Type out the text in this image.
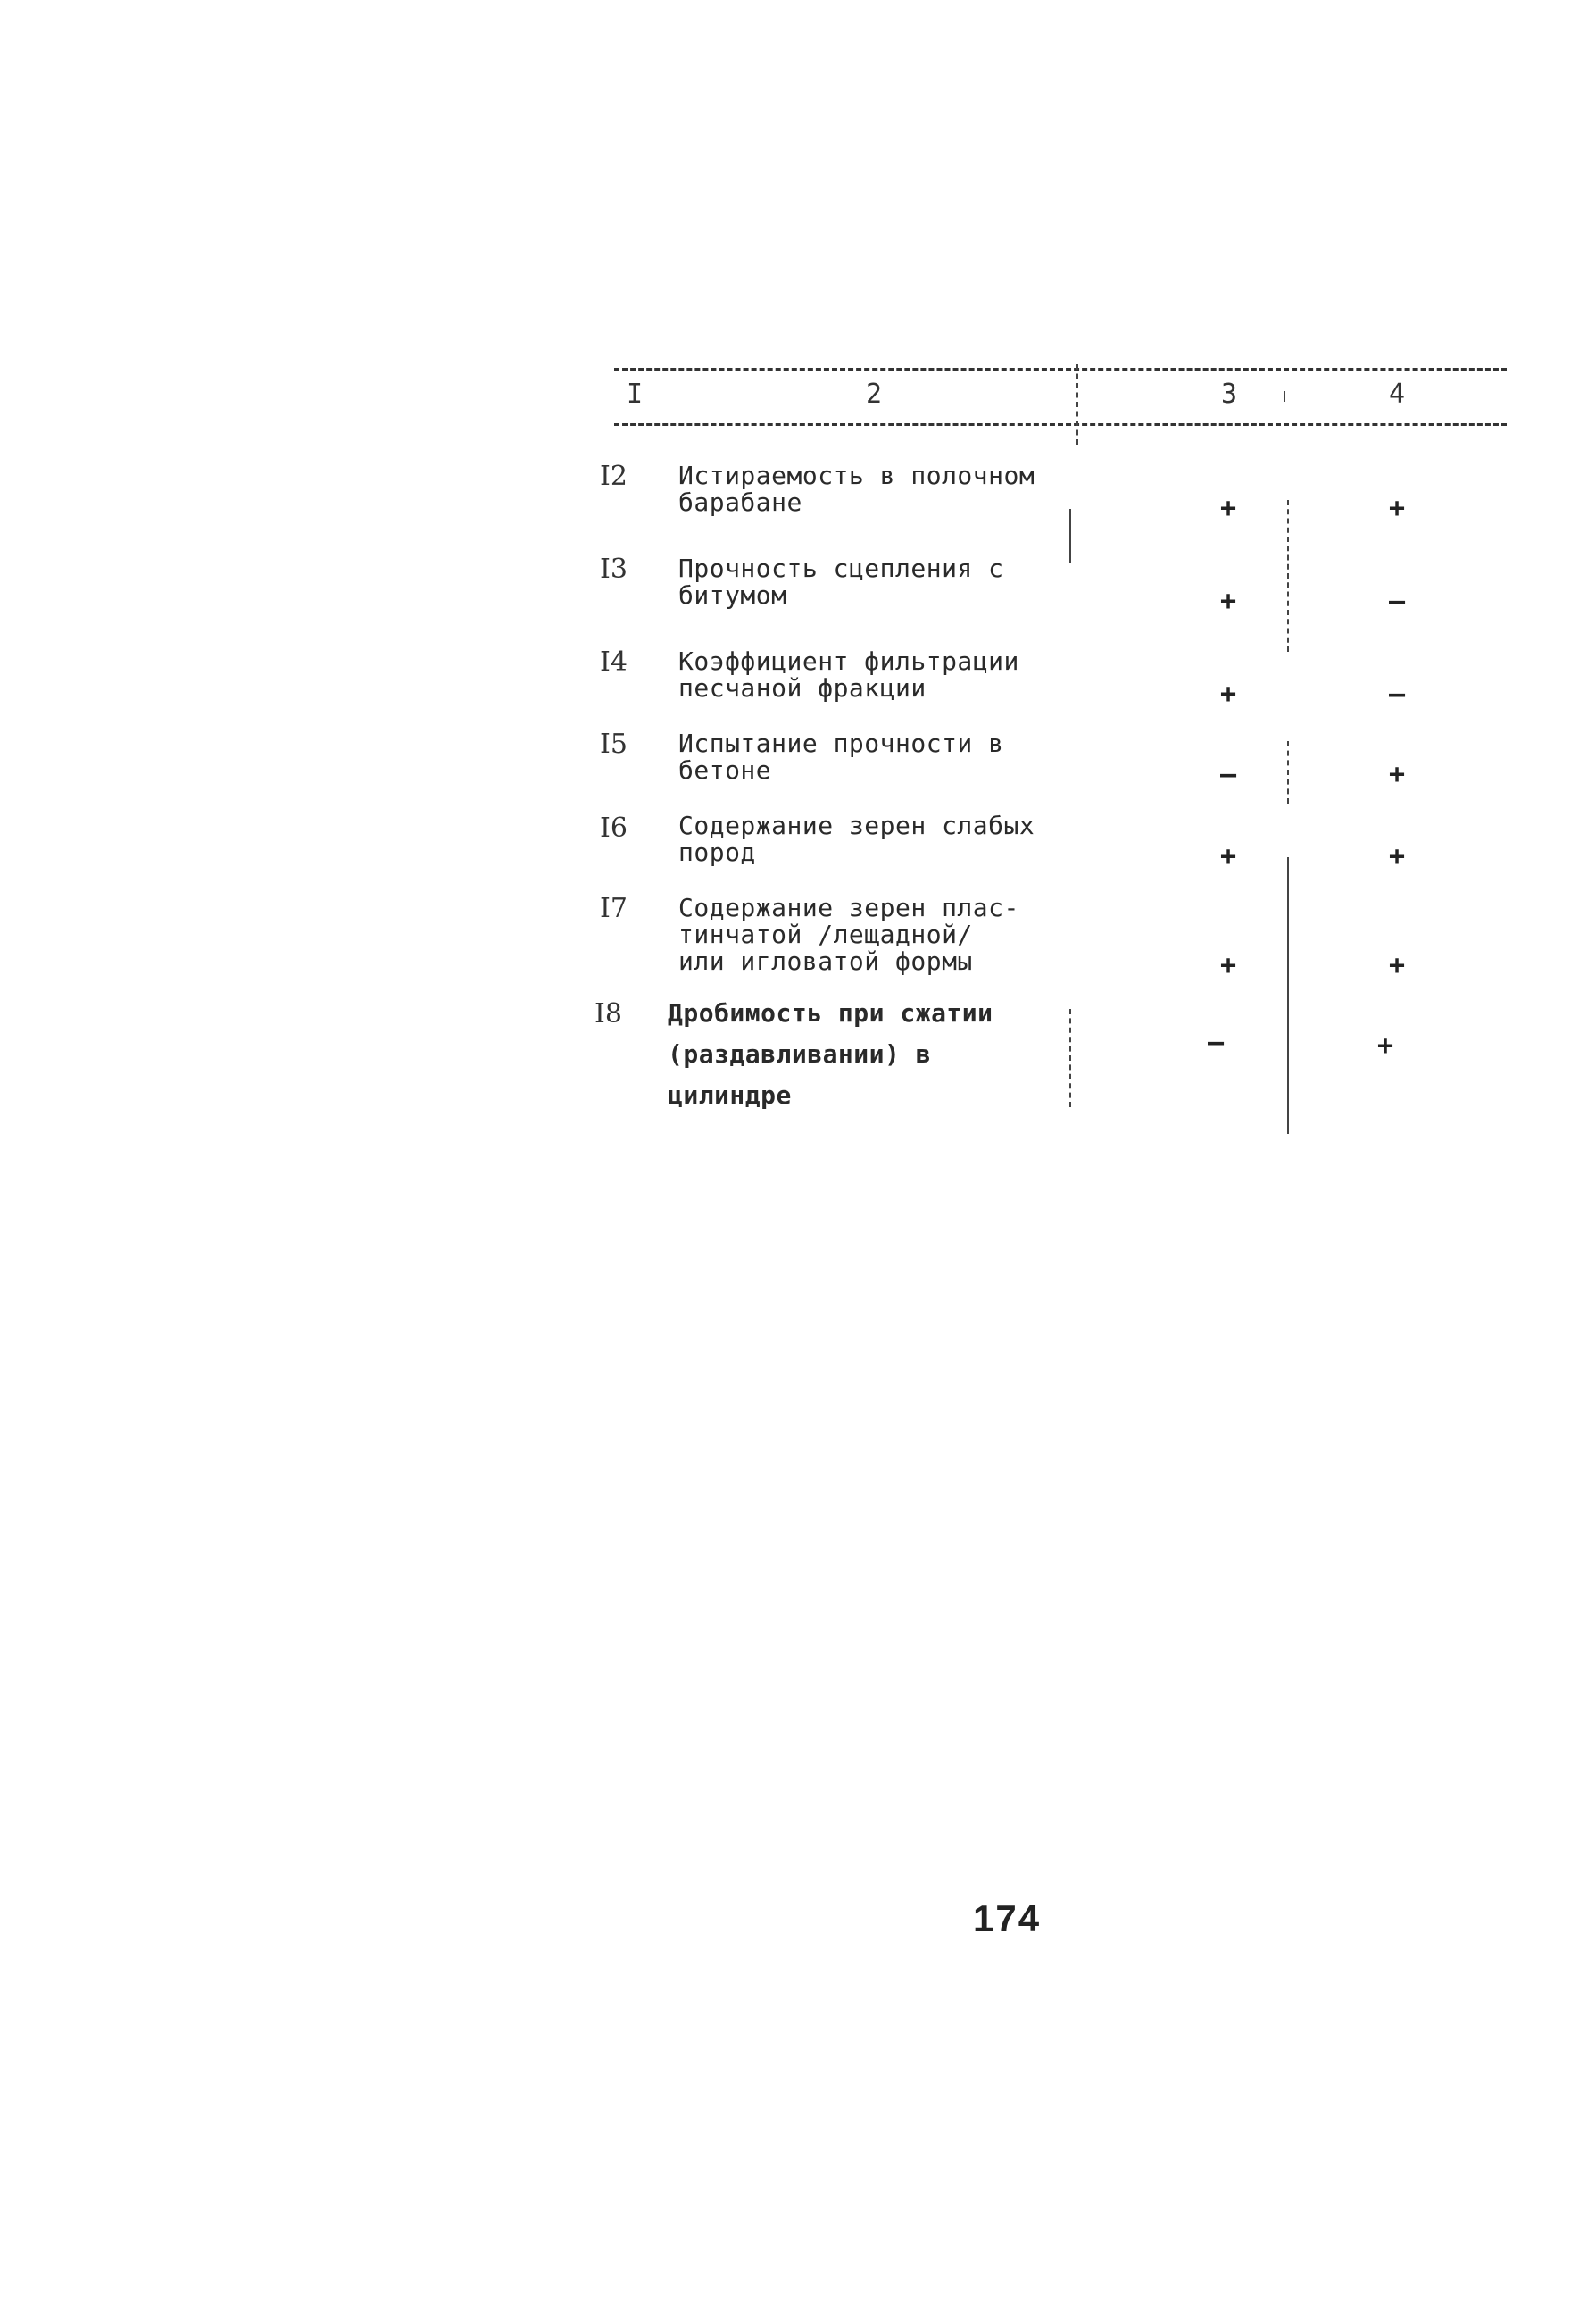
I	2	3	4
I2	Истираемость в полочном
барабане	+	+
I3	Прочность сцепления с
битумом	+	–
I4	Коэффициент фильтрации
песчаной фракции	+	–
I5	Испытание прочности в
бетоне	–	+
I6	Содержание зерен слабых
пород	+	+
I7	Содержание зерен плас-
тинчатой /лещадной/
или игловатой формы	+	+
I8	Дробимость при сжатии
(раздавливании) в
цилиндре
–	+
174
